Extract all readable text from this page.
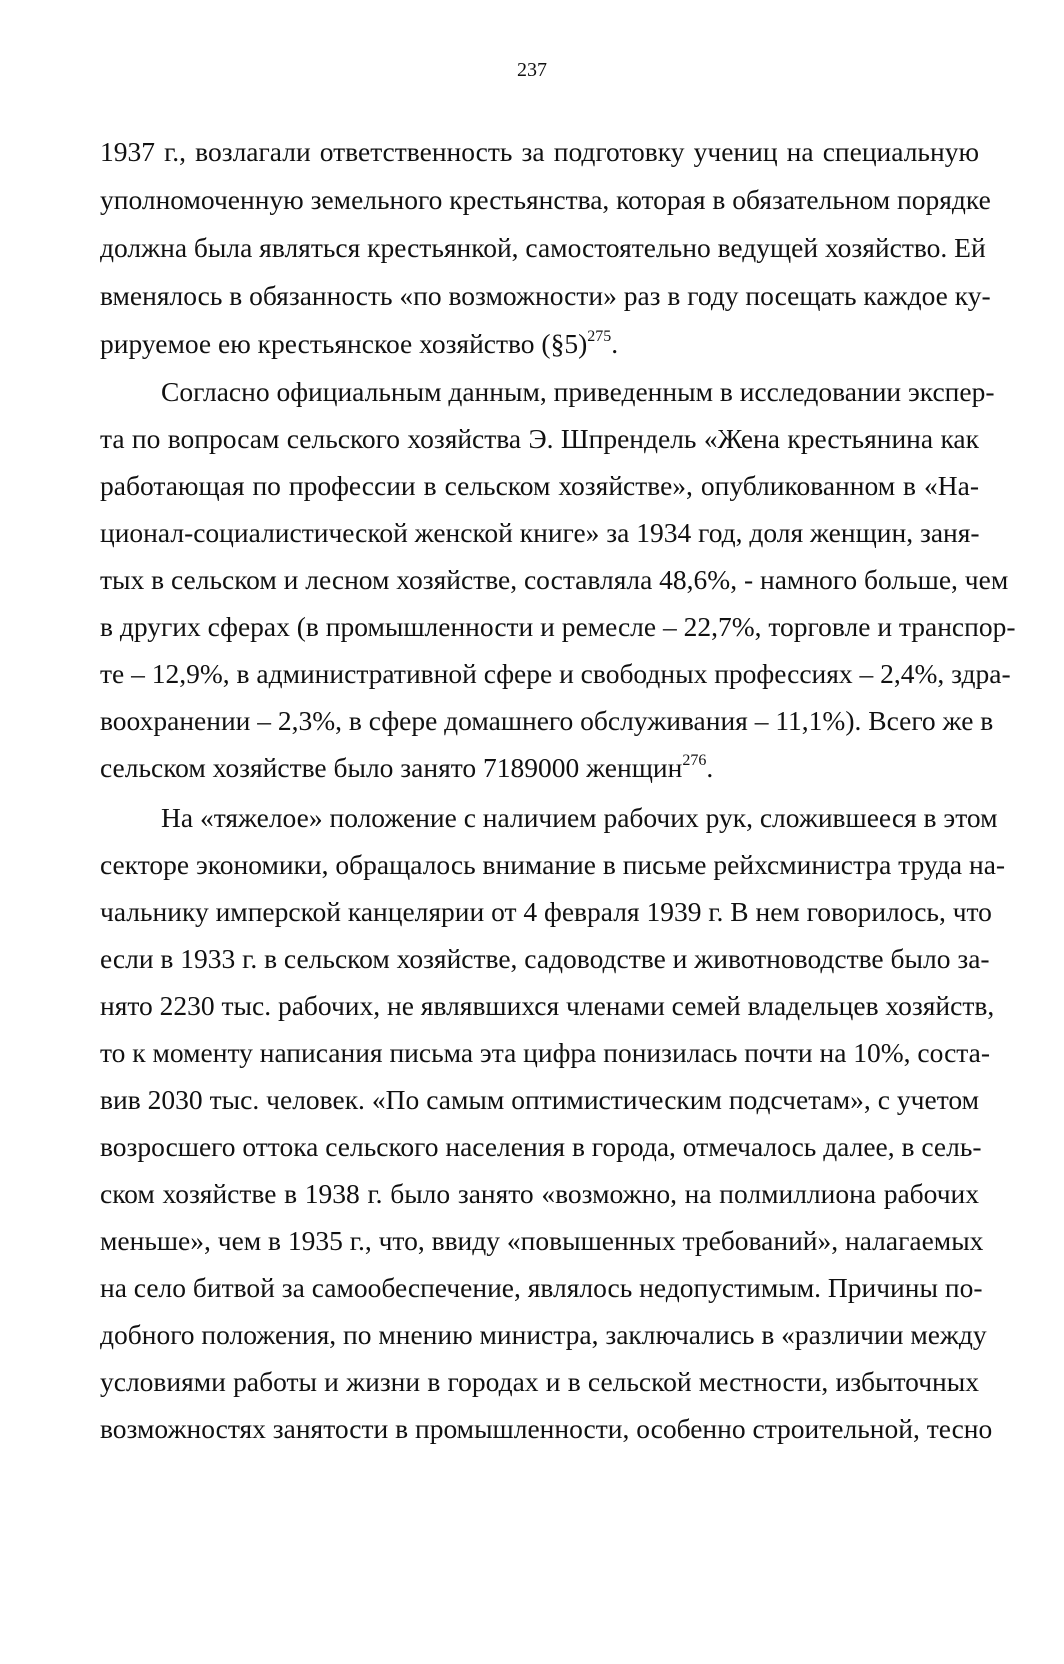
237
1937 г., возлагали ответственность за подготовку учениц на специальную
уполномоченную земельного крестьянства, которая в обязательном порядке
должна была являться крестьянкой, самостоятельно ведущей хозяйство. Ей
вменялось в обязанность «по возможности» раз в году посещать каждое ку-
рируемое ею крестьянское хозяйство (§5)$^{275}$.
Согласно официальным данным, приведенным в исследовании экспер-
та по вопросам сельского хозяйства Э. Шпрендель «Жена крестьянина как
работающая по профессии в сельском хозяйстве», опубликованном в «На-
ционал-социалистической женской книге» за 1934 год, доля женщин, заня-
тых в сельском и лесном хозяйстве, составляла 48,6%, - намного больше, чем
в других сферах (в промышленности и ремесле – 22,7%, торговле и транспор-
те – 12,9%, в административной сфере и свободных профессиях – 2,4%, здра-
воохранении – 2,3%, в сфере домашнего обслуживания – 11,1%). Всего же в
сельском хозяйстве было занято 7189000 женщин$^{276}$.
На «тяжелое» положение с наличием рабочих рук, сложившееся в этом
секторе экономики, обращалось внимание в письме рейхсминистра труда на-
чальнику имперской канцелярии от 4 февраля 1939 г. В нем говорилось, что
если в 1933 г. в сельском хозяйстве, садоводстве и животноводстве было за-
нято 2230 тыс. рабочих, не являвшихся членами семей владельцев хозяйств,
то к моменту написания письма эта цифра понизилась почти на 10%, соста-
вив 2030 тыс. человек. «По самым оптимистическим подсчетам», с учетом
возросшего оттока сельского населения в города, отмечалось далее, в сель-
ском хозяйстве в 1938 г. было занято «возможно, на полмиллиона рабочих
меньше», чем в 1935 г., что, ввиду «повышенных требований», налагаемых
на село битвой за самообеспечение, являлось недопустимым. Причины по-
добного положения, по мнению министра, заключались в «различии между
условиями работы и жизни в городах и в сельской местности, избыточных
возможностях занятости в промышленности, особенно строительной, тесно
